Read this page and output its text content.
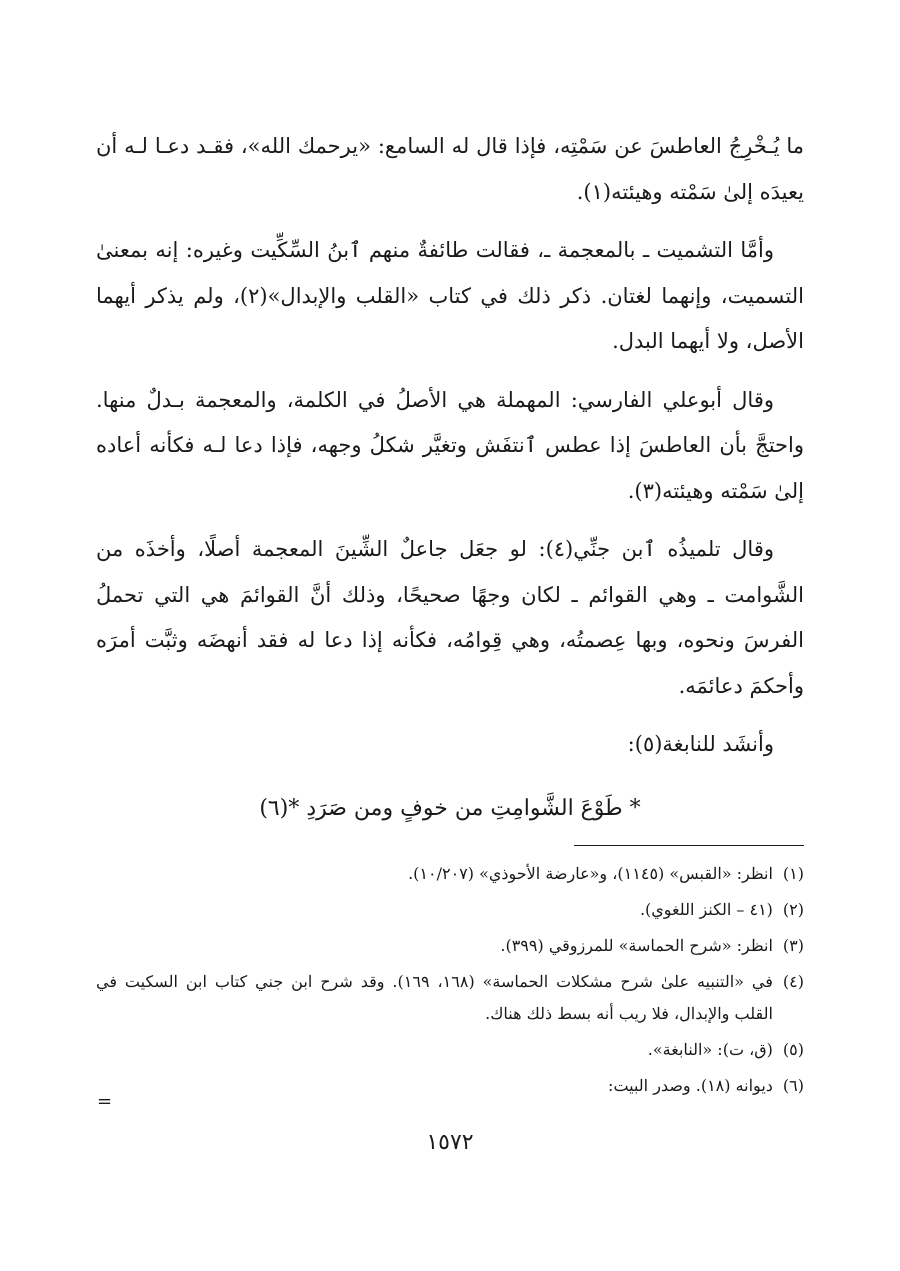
ما يُـخْرِجُ العاطسَ عن سَمْتِه، فإذا قال له السامع: «يرحمك الله»، فقـد دعـا لـه أن يعيدَه إلىٰ سَمْته وهيئته(١).

وأمَّا التشميت ـ بالمعجمة ـ، فقالت طائفةٌ منهم ٱبنُ السِّكِّيت وغيره: إنه بمعنىٰ التسميت، وإنهما لغتان. ذكر ذلك في كتاب «القلب والإبدال»(٢)، ولم يذكر أيهما الأصل، ولا أيهما البدل.

وقال أبوعلي الفارسي: المهملة هي الأصلُ في الكلمة، والمعجمة بـدلٌ منها. واحتجَّ بأن العاطسَ إذا عطس ٱنتفَش وتغيَّر شكلُ وجهه، فإذا دعا لـه فكأنه أعاده إلىٰ سَمْته وهيئته(٣).

وقال تلميذُه ٱبن جنِّي(٤): لو جعَل جاعلٌ الشِّينَ المعجمة أصلًا، وأخذَه من الشَّوامت ـ وهي القوائم ـ لكان وجهًا صحيحًا، وذلك أنَّ القوائمَ هي التي تحملُ الفرسَ ونحوه، وبها عِصمتُه، وهي قِوامُه، فكأنه إذا دعا له فقد أنهضَه وثبَّت أمرَه وأحكمَ دعائمَه.

وأنشَد للنابغة(٥):

* طَوْعَ الشَّوامِتِ من خوفٍ ومن صَرَدِ *(٦)

(١)
انظر: «القبس» (١١٤٥)، و«عارضة الأحوذي» (١٠/٢٠٧).
(٢)
(٤١ – الكنز اللغوي).
(٣)
انظر: «شرح الحماسة» للمرزوقي (٣٩٩).
(٤)
في «التنبيه علىٰ شرح مشكلات الحماسة» (١٦٨، ١٦٩). وقد شرح ابن جني كتاب ابن السكيت في القلب والإبدال، فلا ريب أنه بسط ذلك هناك.
(٥)
(ق، ت): «النابغة».
(٦)
ديوانه (١٨). وصدر البيت:
=
١٥٧٢
